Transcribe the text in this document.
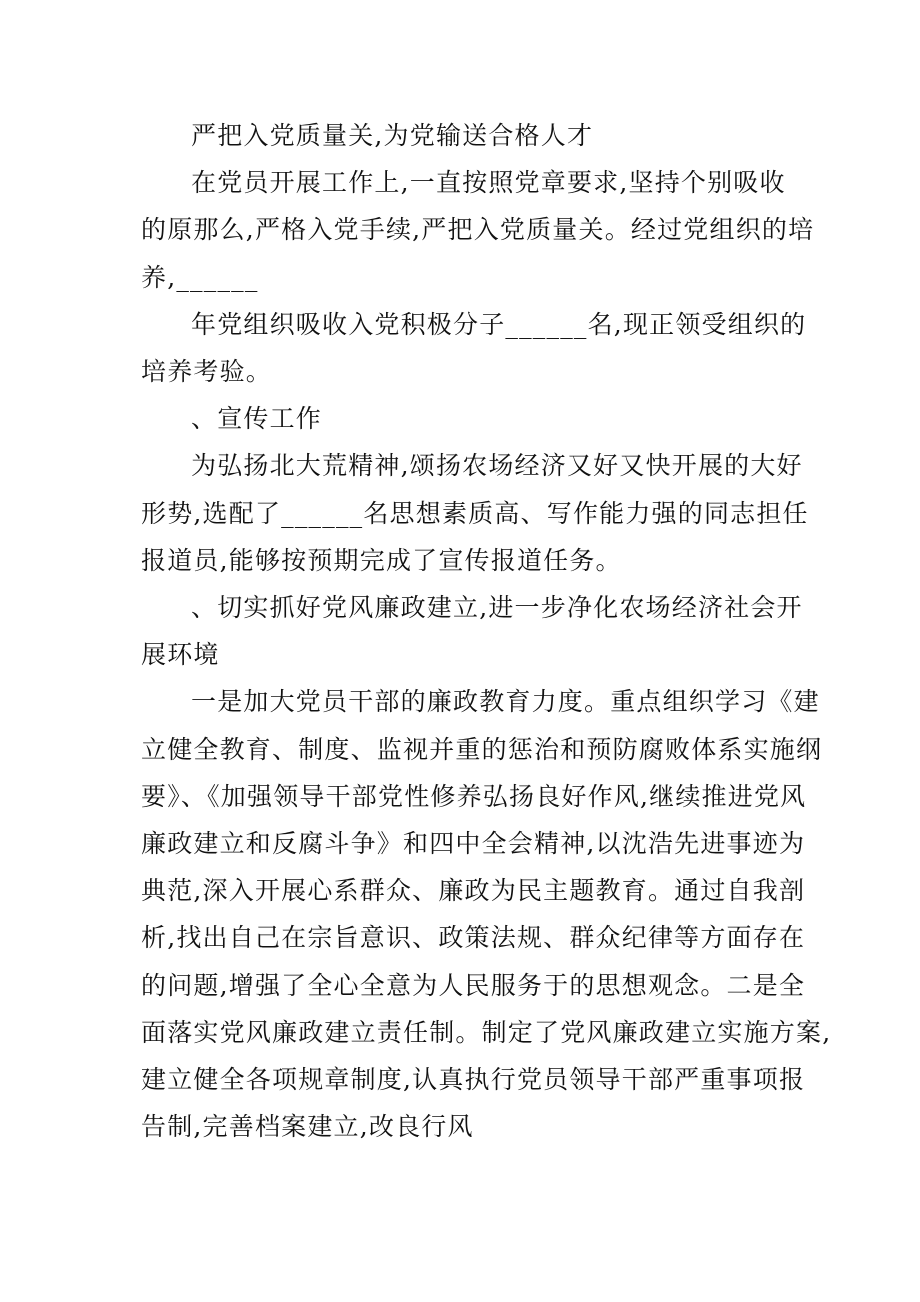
严把入党质量关,为党输送合格人才
在党员开展工作上,一直按照党章要求,坚持个别吸收
的原那么,严格入党手续,严把入党质量关。经过党组织的培
养,______
年党组织吸收入党积极分子______名,现正领受组织的
培养考验。
、宣传工作
为弘扬北大荒精神,颂扬农场经济又好又快开展的大好
形势,选配了______名思想素质高、写作能力强的同志担任
报道员,能够按预期完成了宣传报道任务。
、切实抓好党风廉政建立,进一步净化农场经济社会开
展环境
一是加大党员干部的廉政教育力度。重点组织学习《建
立健全教育、制度、监视并重的惩治和预防腐败体系实施纲
要》、《加强领导干部党性修养弘扬良好作风,继续推进党风
廉政建立和反腐斗争》和四中全会精神,以沈浩先进事迹为
典范,深入开展心系群众、廉政为民主题教育。通过自我剖
析,找出自己在宗旨意识、政策法规、群众纪律等方面存在
的问题,增强了全心全意为人民服务于的思想观念。二是全
面落实党风廉政建立责任制。制定了党风廉政建立实施方案,
建立健全各项规章制度,认真执行党员领导干部严重事项报
告制,完善档案建立,改良行风
